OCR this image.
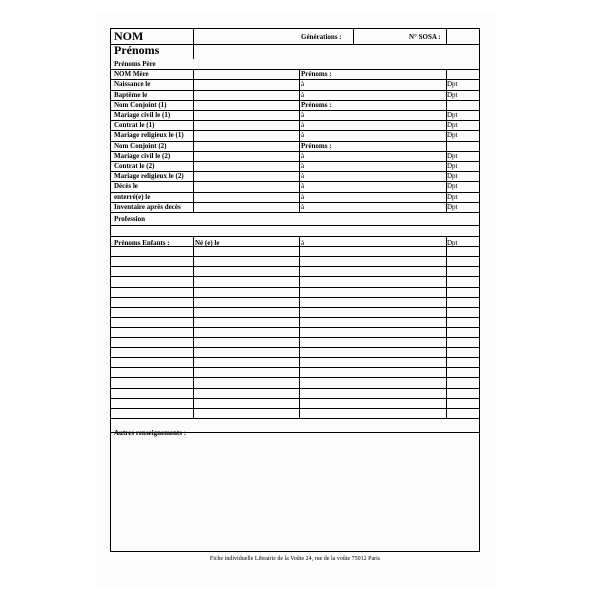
NOM
Prénoms
Générations :	N° SOSA :
Prénoms Père
NOM Mère	Prénoms :
Naissance le	à	Dpt
Baptême le	à	Dpt
Nom Conjoint (1)	Prénoms :
Mariage civil le (1)	à	Dpt
Contrat le (1)	à	Dpt
Mariage religieux le (1)	à	Dpt
Nom Conjoint (2)	Prénoms :
Mariage civil le (2)	à	Dpt
Contrat le (2)	à	Dpt
Mariage religieux le (2)	à	Dpt
Décès le	à	Dpt
enterré(e) le	à	Dpt
Inventaire après decès	à	Dpt
Profession
Prénoms Enfants :	Né (e) le	à	Dpt
Autres renseignements :
Fiche individuelle Librairie de la Voûte 24, rue de la voûte 75012 Paris
